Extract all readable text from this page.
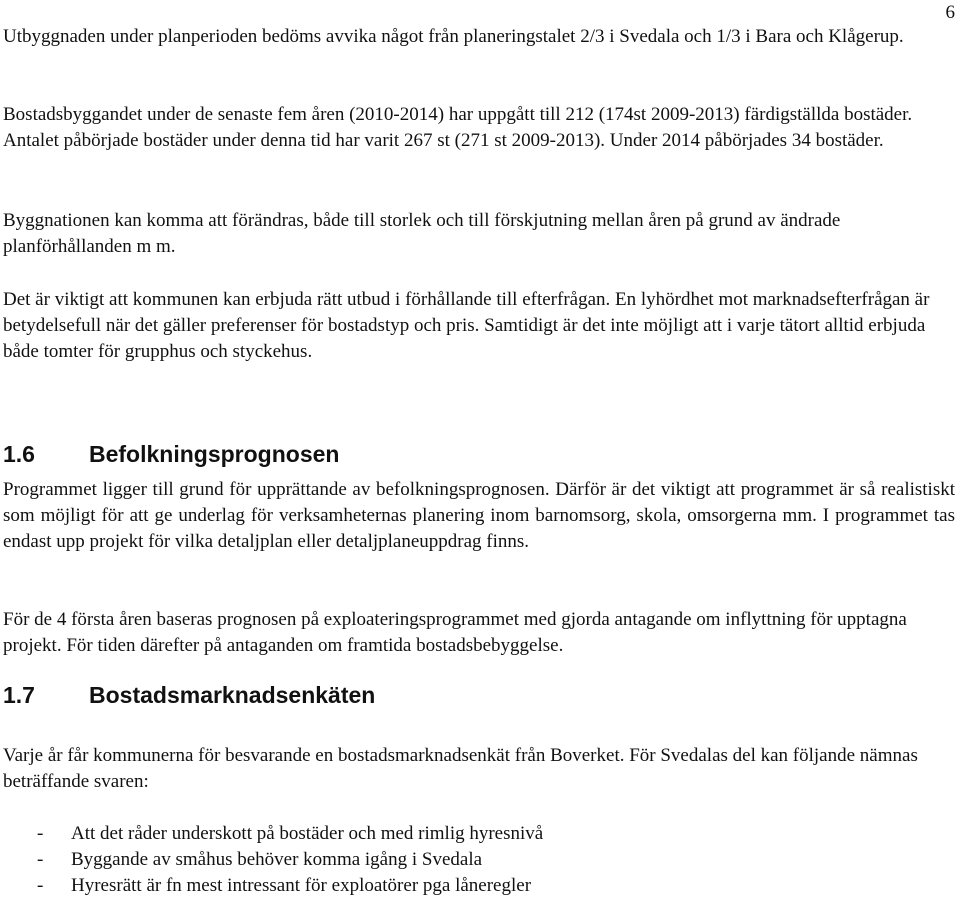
6

Utbyggnaden under planperioden bedöms avvika något från planeringstalet 2/3 i Svedala och 1/3 i Bara och Klågerup.

Bostadsbyggandet under de senaste fem åren (2010-2014) har uppgått till 212 (174st 2009-2013) färdigställda bostäder. Antalet påbörjade bostäder under denna tid har varit 267 st (271 st 2009-2013). Under 2014 påbörjades 34 bostäder.

Byggnationen kan komma att förändras, både till storlek och till förskjutning mellan åren på grund av ändrade planförhållanden m m.

Det är viktigt att kommunen kan erbjuda rätt utbud i förhållande till efterfrågan. En lyhördhet mot marknadsefterfrågan är betydelsefull när det gäller preferenser för bostadstyp och pris. Samtidigt är det inte möjligt att i varje tätort alltid erbjuda både tomter för grupphus och styckehus.

1.6 Befolkningsprognosen

Programmet ligger till grund för upprättande av befolkningsprognosen. Därför är det viktigt att programmet är så realistiskt som möjligt för att ge underlag för verksamheternas planering inom barnomsorg, skola, omsorgerna mm. I programmet tas endast upp projekt för vilka detaljplan eller detaljplaneuppdrag finns.

För de 4 första åren baseras prognosen på exploateringsprogrammet med gjorda antagande om inflyttning för upptagna projekt. För tiden därefter på antaganden om framtida bostadsbebyggelse.

1.7 Bostadsmarknadsenkäten

Varje år får kommunerna för besvarande en bostadsmarknadsenkät från Boverket. För Svedalas del kan följande nämnas beträffande svaren:

-	Att det råder underskott på bostäder och med rimlig hyresnivå
-	Byggande av småhus behöver komma igång i Svedala
-	Hyresrätt är fn mest intressant för exploatörer pga låneregler
